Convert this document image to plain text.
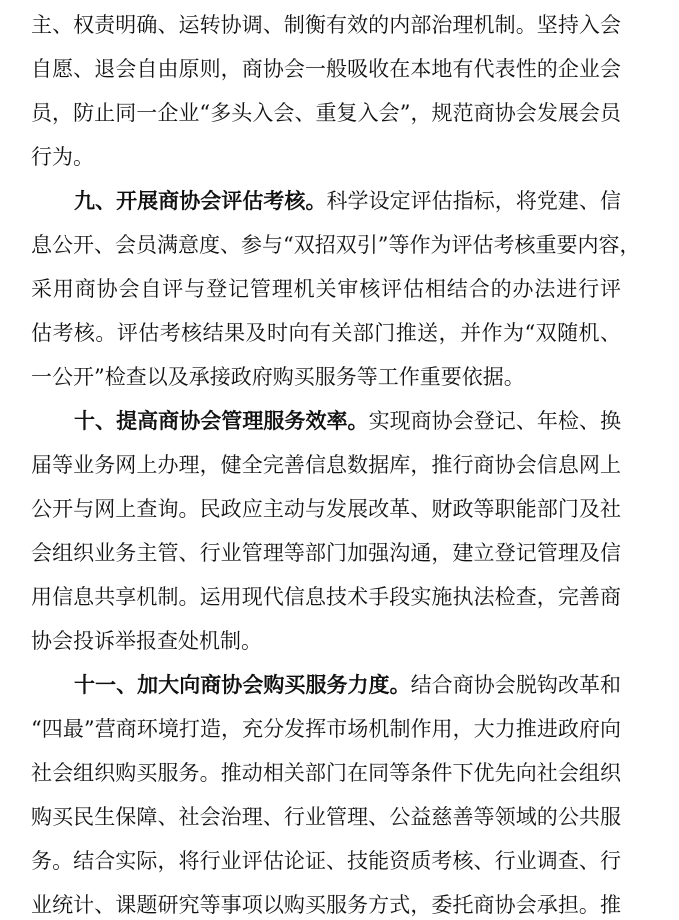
主、权责明确、运转协调、制衡有效的内部治理机制。坚持入会
自愿、退会自由原则，商协会一般吸收在本地有代表性的企业会
员，防止同一企业“多头入会、重复入会”，规范商协会发展会员
行为。
九、开展商协会评估考核。科学设定评估指标，将党建、信
息公开、会员满意度、参与“双招双引”等作为评估考核重要内容，
采用商协会自评与登记管理机关审核评估相结合的办法进行评
估考核。评估考核结果及时向有关部门推送，并作为“双随机、
一公开”检查以及承接政府购买服务等工作重要依据。
十、提高商协会管理服务效率。实现商协会登记、年检、换
届等业务网上办理，健全完善信息数据库，推行商协会信息网上
公开与网上查询。民政应主动与发展改革、财政等职能部门及社
会组织业务主管、行业管理等部门加强沟通，建立登记管理及信
用信息共享机制。运用现代信息技术手段实施执法检查，完善商
协会投诉举报查处机制。
十一、加大向商协会购买服务力度。结合商协会脱钩改革和
“四最”营商环境打造，充分发挥市场机制作用，大力推进政府向
社会组织购买服务。推动相关部门在同等条件下优先向社会组织
购买民生保障、社会治理、行业管理、公益慈善等领域的公共服
务。结合实际，将行业评估论证、技能资质考核、行业调查、行
业统计、课题研究等事项以购买服务方式，委托商协会承担。推
